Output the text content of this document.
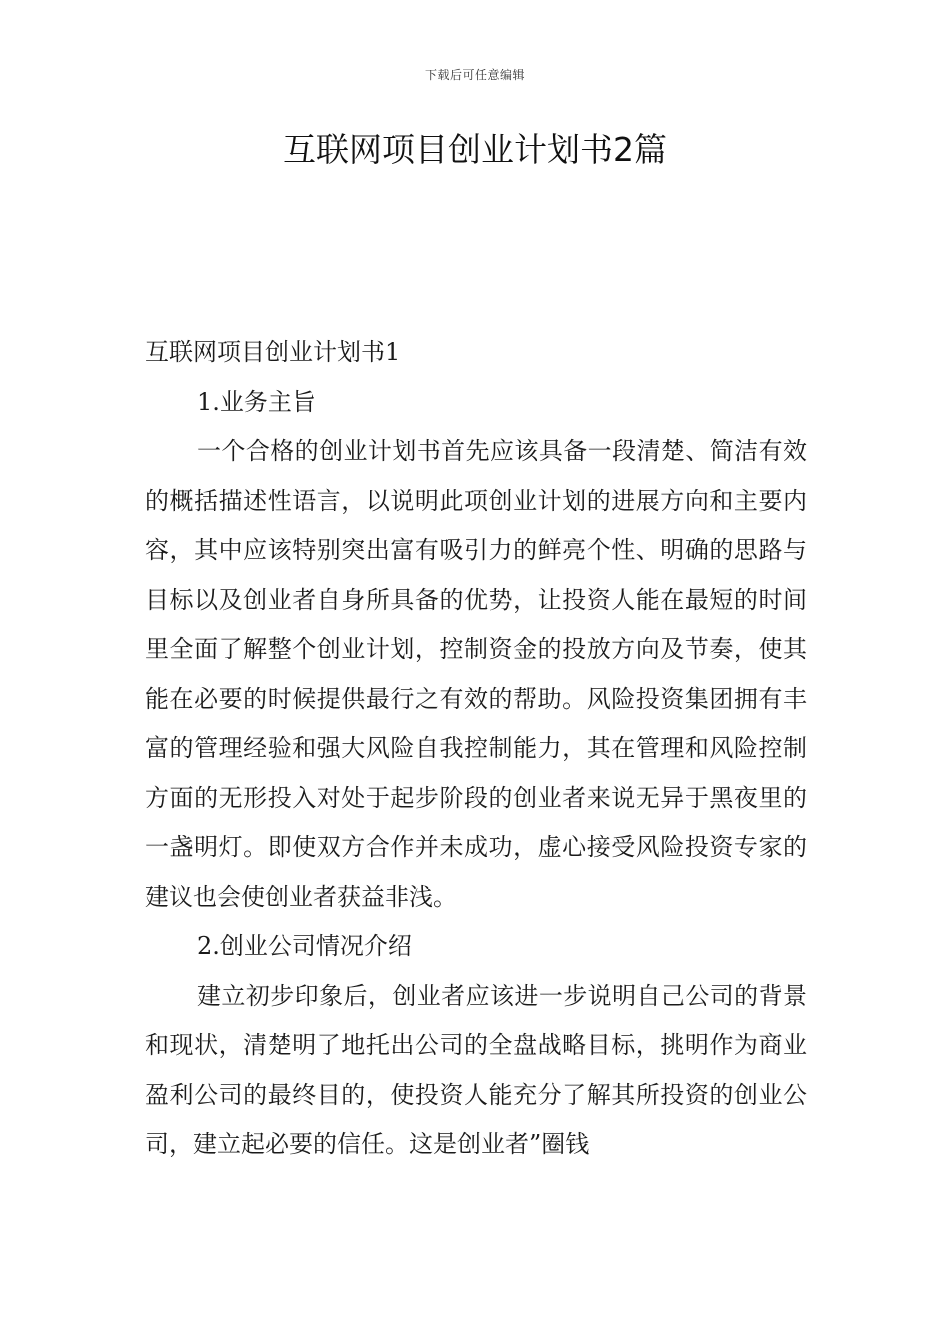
下载后可任意编辑
互联网项目创业计划书2篇

互联网项目创业计划书1

1.业务主旨

一个合格的创业计划书首先应该具备一段清楚、简洁有效的概括描述性语言，以说明此项创业计划的进展方向和主要内容，其中应该特别突出富有吸引力的鲜亮个性、明确的思路与目标以及创业者自身所具备的优势，让投资人能在最短的时间里全面了解整个创业计划，控制资金的投放方向及节奏，使其能在必要的时候提供最行之有效的帮助。风险投资集团拥有丰富的管理经验和强大风险自我控制能力，其在管理和风险控制方面的无形投入对处于起步阶段的创业者来说无异于黑夜里的一盏明灯。即使双方合作并未成功，虚心接受风险投资专家的建议也会使创业者获益非浅。

2.创业公司情况介绍

建立初步印象后，创业者应该进一步说明自己公司的背景和现状，清楚明了地托出公司的全盘战略目标，挑明作为商业盈利公司的最终目的，使投资人能充分了解其所投资的创业公司，建立起必要的信任。这是创业者”圈钱
